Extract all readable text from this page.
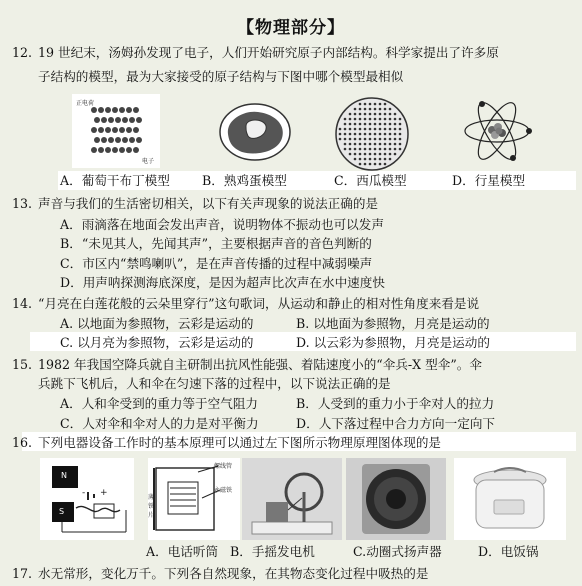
【物理部分】
12. 19 世纪末，汤姆孙发现了电子，人们开始研究原子内部结构。科学家提出了许多原
子结构的模型，最为大家接受的原子结构与下图中哪个模型最相似
正电荷
电子
A．葡萄干布丁模型	B．熟鸡蛋模型	C．西瓜模型	D．行星模型
13. 声音与我们的生活密切相关，以下有关声现象的说法正确的是
A．雨滴落在地面会发出声音，说明物体不振动也可以发声
B．“未见其人，先闻其声”，主要根据声音的音色判断的
C．市区内“禁鸣喇叭”，是在声音传播的过程中减弱噪声
D．用声呐探测海底深度，是因为超声比次声在水中速度快
14. “月亮在白莲花般的云朵里穿行”这句歌词，从运动和静止的相对性角度来看是说
A. 以地面为参照物，云彩是运动的	B. 以地面为参照物，月亮是运动的
C. 以月亮为参照物，云彩是运动的	D. 以云彩为参照物，月亮是运动的
15. 1982 年我国空降兵就自主研制出抗风性能强、着陆速度小的“伞兵-X 型伞”。伞
兵跳下飞机后，人和伞在匀速下落的过程中，以下说法正确的是
A．人和伞受到的重力等于空气阻力	B．人受到的重力小于伞对人的拉力
C．人对伞和伞对人的力是对平衡力	D．人下落过程中合力方向一定向下
16. 下列电器设备工作时的基本原理可以通过左下图所示物理原理图体现的是
N
S
- +
螺线管
永磁铁
薄铁片
A．电话听筒 B．手摇发电机	C.动圈式扬声器	D．电饭锅
17. 水无常形，变化万千。下列各自然现象，在其物态变化过程中吸热的是
